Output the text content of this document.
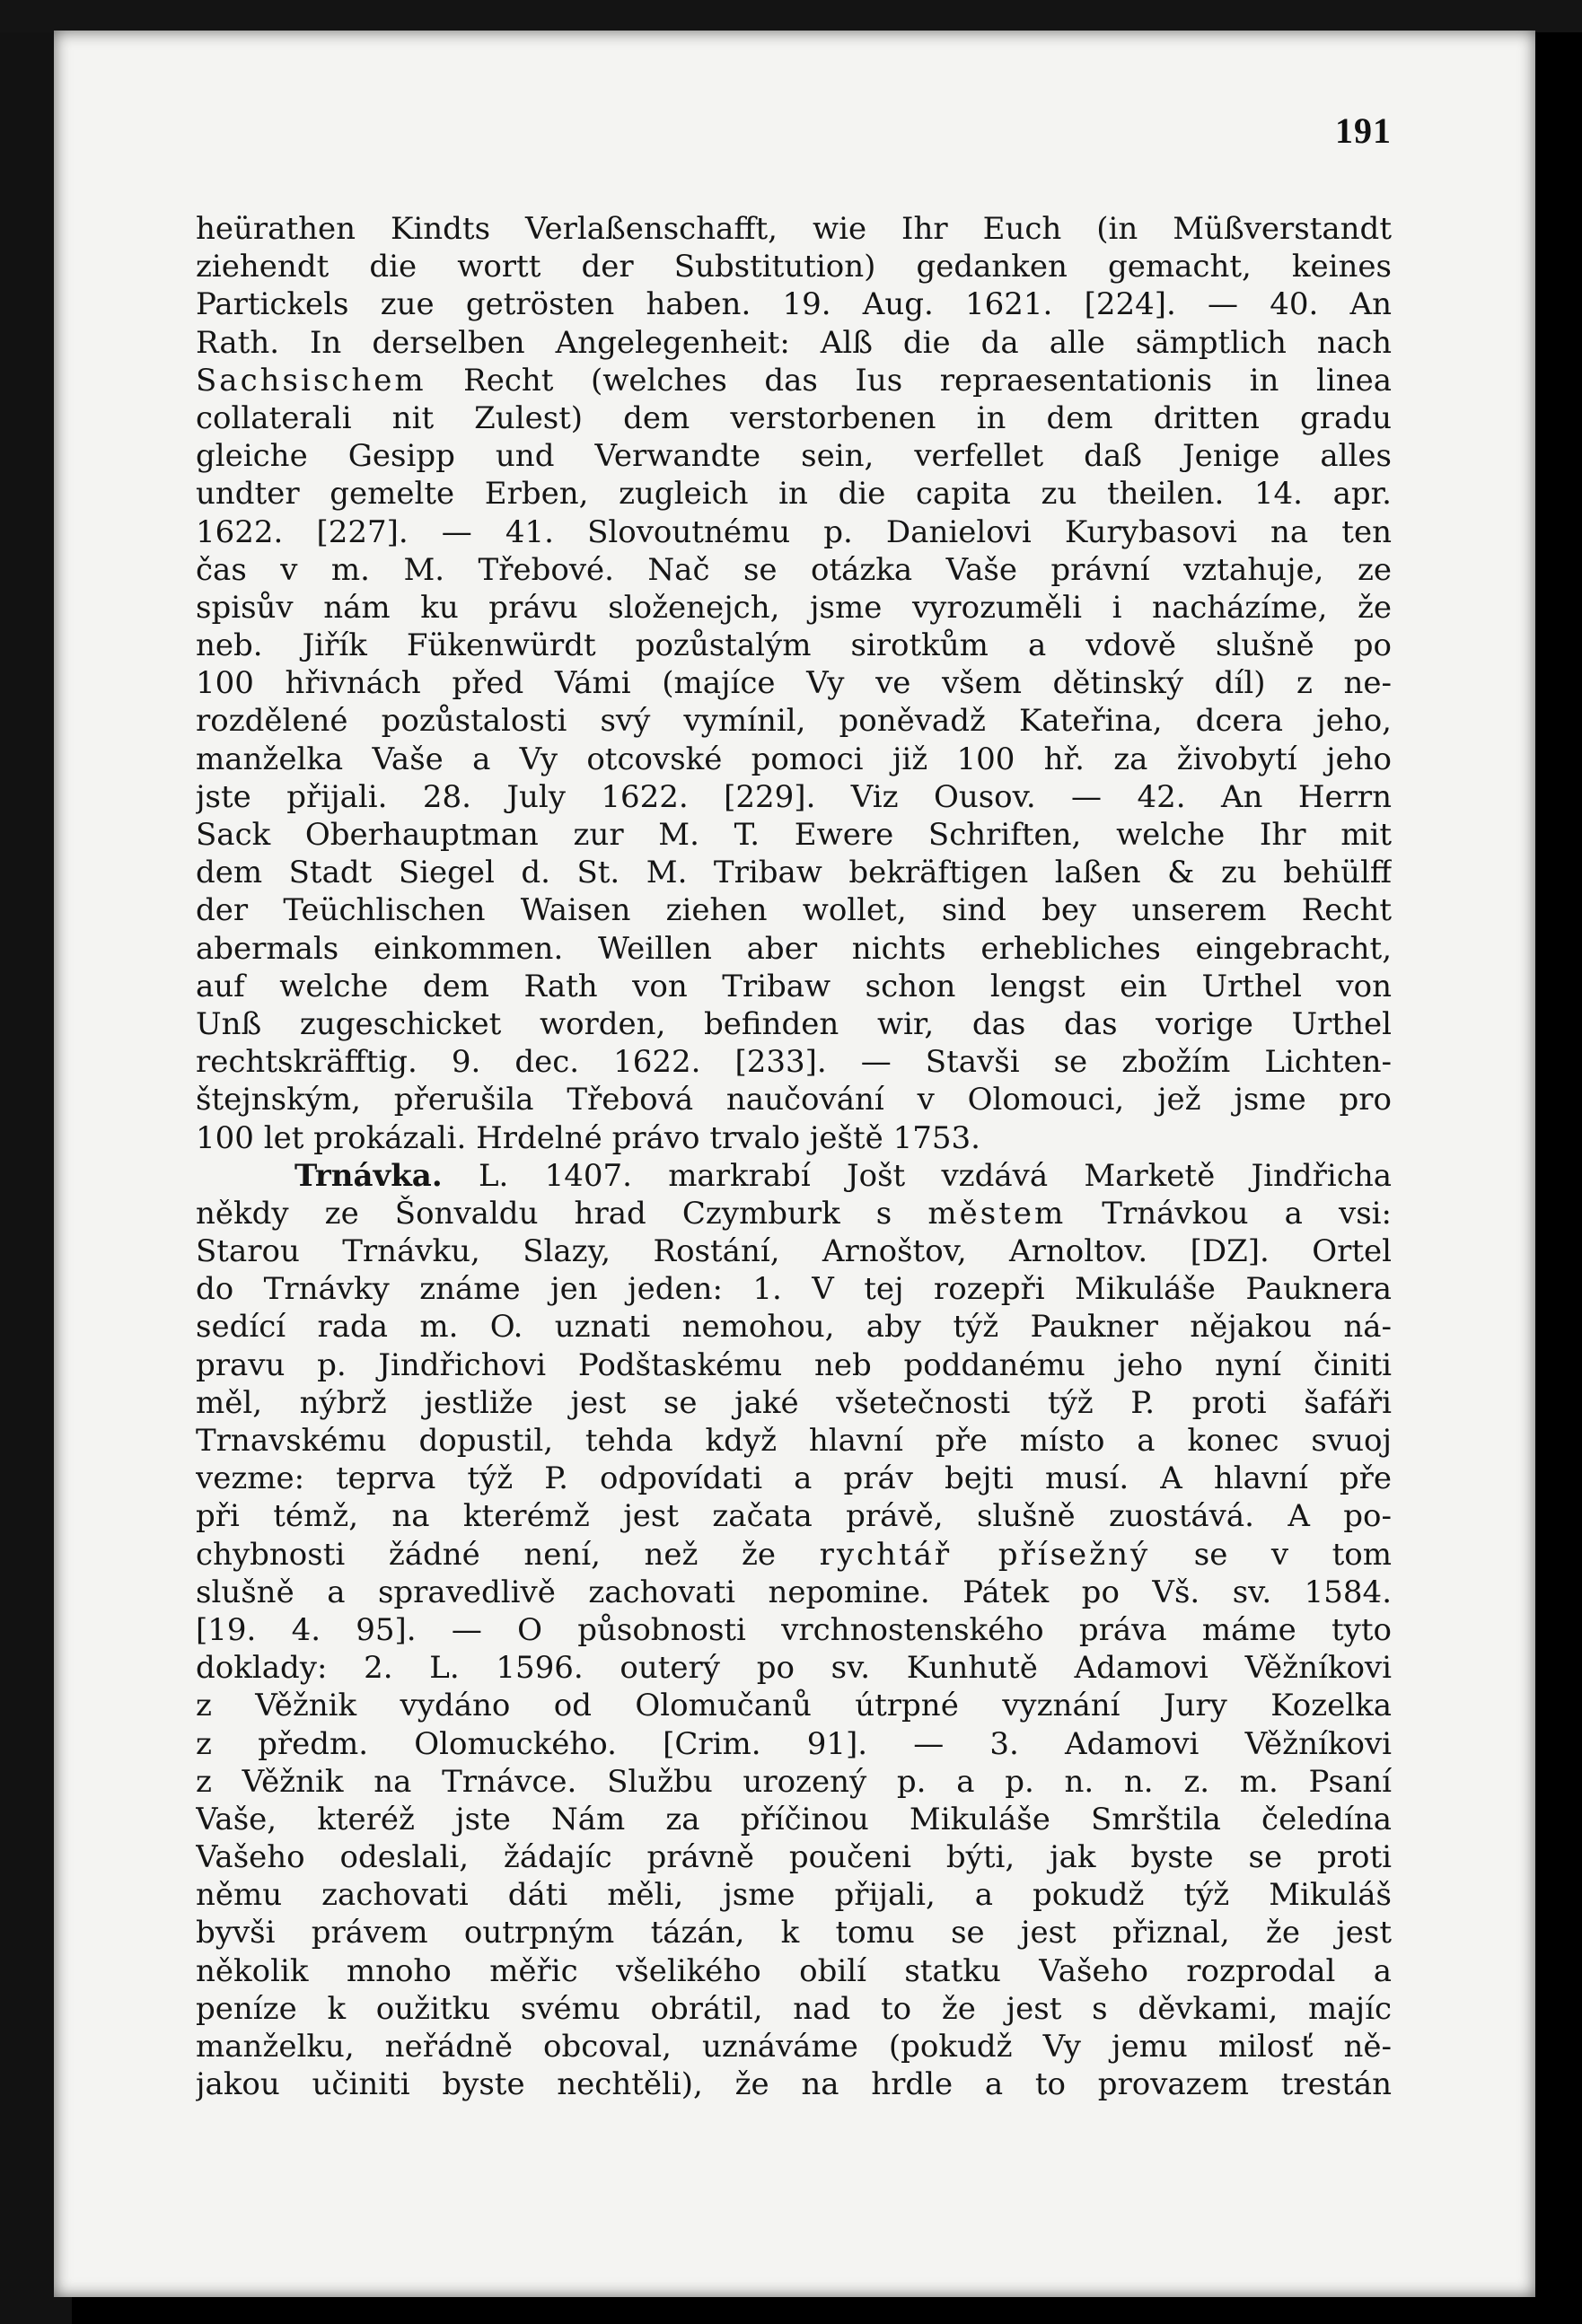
191
heürathen Kindts Verlaßenschafft, wie Ihr Euch (in Müßverstandt
ziehendt die wortt der Substitution) gedanken gemacht, keines
Partickels zue getrösten haben. 19. Aug. 1621. [224]. — 40. An
Rath. In derselben Angelegenheit: Alß die da alle sämptlich nach
Sachsischem Recht (welches das Ius repraesentationis in linea
collaterali nit Zulest) dem verstorbenen in dem dritten gradu
gleiche Gesipp und Verwandte sein, verfellet daß Jenige alles
undter gemelte Erben, zugleich in die capita zu theilen. 14. apr.
1622. [227]. — 41. Slovoutnému p. Danielovi Kurybasovi na ten
čas v m. M. Třebové. Nač se otázka Vaše právní vztahuje, ze
spisův nám ku právu složenejch, jsme vyrozuměli i nacházíme, že
neb. Jiřík Fükenwürdt pozůstalým sirotkům a vdově slušně po
100 hřivnách před Vámi (majíce Vy ve všem dětinský díl) z ne-
rozdělené pozůstalosti svý vymínil, poněvadž Kateřina, dcera jeho,
manželka Vaše a Vy otcovské pomoci již 100 hř. za živobytí jeho
jste přijali. 28. July 1622. [229]. Viz Ousov. — 42. An Herrn
Sack Oberhauptman zur M. T. Ewere Schriften, welche Ihr mit
dem Stadt Siegel d. St. M. Tribaw bekräftigen laßen & zu behülff
der Teüchlischen Waisen ziehen wollet, sind bey unserem Recht
abermals einkommen. Weillen aber nichts erhebliches eingebracht,
auf welche dem Rath von Tribaw schon lengst ein Urthel von
Unß zugeschicket worden, befinden wir, das das vorige Urthel
rechtskräfftig. 9. dec. 1622. [233]. — Stavši se zbožím Lichten-
štejnským, přerušila Třebová naučování v Olomouci, jež jsme pro
100 let prokázali. Hrdelné právo trvalo ještě 1753.
Trnávka. L. 1407. markrabí Jošt vzdává Marketě Jindřicha
někdy ze Šonvaldu hrad Czymburk s městem Trnávkou a vsi:
Starou Trnávku, Slazy, Rostání, Arnoštov, Arnoltov. [DZ]. Ortel
do Trnávky známe jen jeden: 1. V tej rozepři Mikuláše Pauknera
sedící rada m. O. uznati nemohou, aby týž Paukner nějakou ná-
pravu p. Jindřichovi Podštaskému neb poddanému jeho nyní činiti
měl, nýbrž jestliže jest se jaké všetečnosti týž P. proti šafáři
Trnavskému dopustil, tehda když hlavní pře místo a konec svuoj
vezme: teprva týž P. odpovídati a práv bejti musí. A hlavní pře
při témž, na kterémž jest začata právě, slušně zuostává. A po-
chybnosti žádné není, než že rychtář přísežný se v tom
slušně a spravedlivě zachovati nepomine. Pátek po Vš. sv. 1584.
[19. 4. 95]. — O působnosti vrchnostenského práva máme tyto
doklady: 2. L. 1596. outerý po sv. Kunhutě Adamovi Věžníkovi
z Věžnik vydáno od Olomučanů útrpné vyznání Jury Kozelka
z předm. Olomuckého. [Crim. 91]. — 3. Adamovi Věžníkovi
z Věžnik na Trnávce. Službu urozený p. a p. n. n. z. m. Psaní
Vaše, kteréž jste Nám za příčinou Mikuláše Smrštila čeledína
Vašeho odeslali, žádajíc právně poučeni býti, jak byste se proti
němu zachovati dáti měli, jsme přijali, a pokudž týž Mikuláš
byvši právem outrpným tázán, k tomu se jest přiznal, že jest
několik mnoho měřic všelikého obilí statku Vašeho rozprodal a
peníze k oužitku svému obrátil, nad to že jest s děvkami, majíc
manželku, neřádně obcoval, uznáváme (pokudž Vy jemu milosť ně-
jakou učiniti byste nechtěli), že na hrdle a to provazem trestán
